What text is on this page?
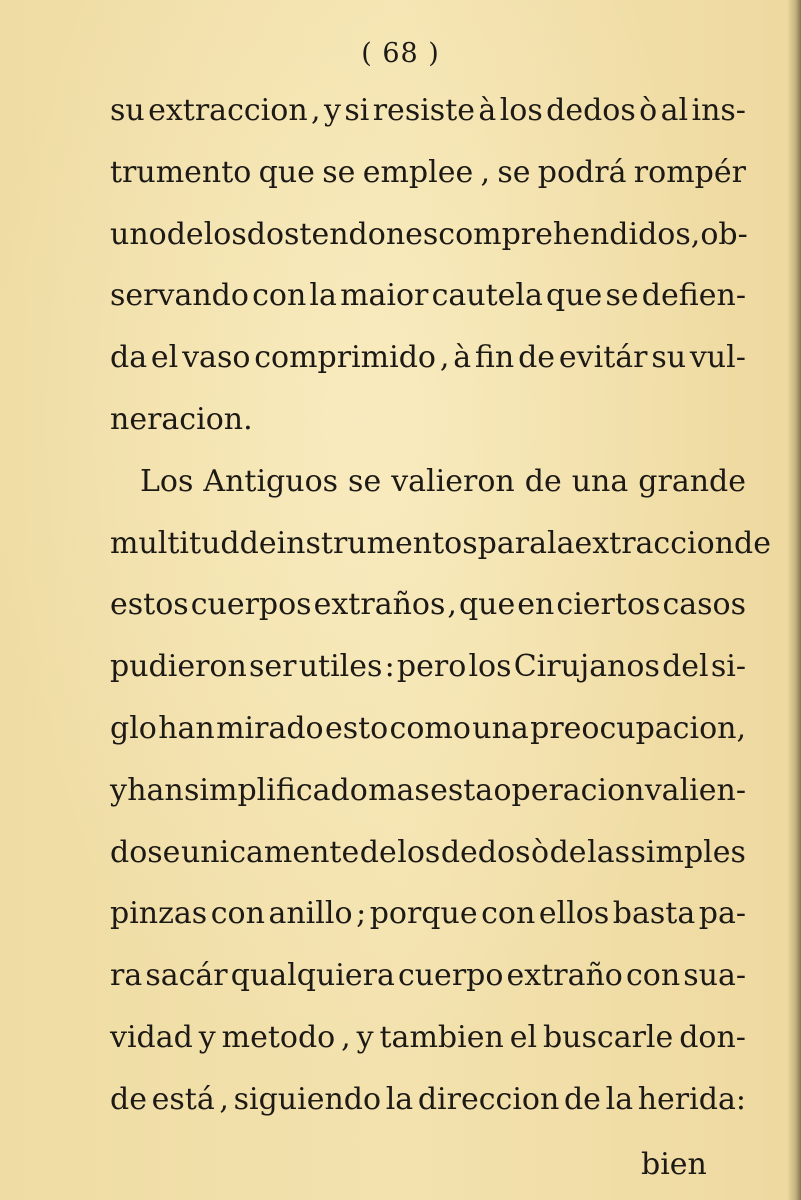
( 68 )
su extraccion , y si resiste à los dedos ò al ins-
trumento que se emplee , se podrá rompér
uno de los dos tendones comprehendidos , ob-
servando con la maior cautela que se defien-
da el vaso comprimido , à fin de evitár su vul-
neracion.
Los Antiguos se valieron de una grande
multitud de instrumentos para la extraccion de
estos cuerpos extraños , que en ciertos casos
pudieron ser utiles : pero los Cirujanos del si-
glo han mirado esto como una preocupacion,
y han simplificado mas esta operacion valien-
dose unicamente de los dedos ò de las simples
pinzas con anillo ; porque con ellos basta pa-
ra sacár qualquiera cuerpo extraño con sua-
vidad y metodo , y tambien el buscarle don-
de está , siguiendo la direccion de la herida:
bien
